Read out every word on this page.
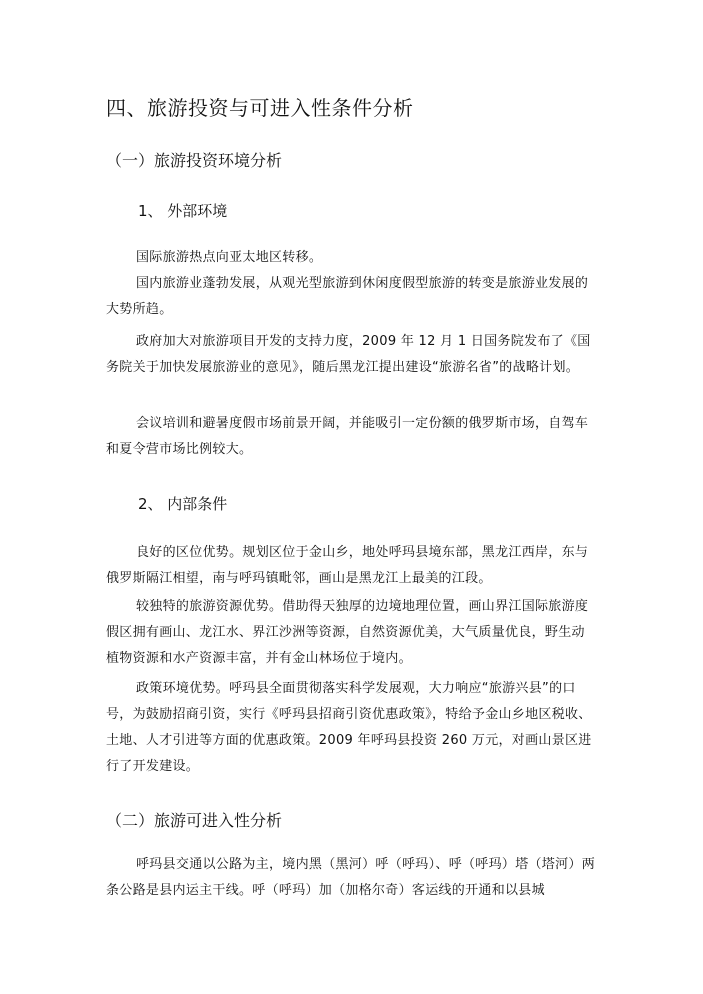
四、旅游投资与可进入性条件分析
（一）旅游投资环境分析
1、 外部环境
国际旅游热点向亚太地区转移。
国内旅游业蓬勃发展，从观光型旅游到休闲度假型旅游的转变是旅游业发展的大势所趋。
政府加大对旅游项目开发的支持力度，2009 年 12 月 1 日国务院发布了《国务院关于加快发展旅游业的意见》，随后黑龙江提出建设“旅游名省”的战略计划。
会议培训和避暑度假市场前景开阔，并能吸引一定份额的俄罗斯市场，自驾车和夏令营市场比例较大。
2、 内部条件
良好的区位优势。规划区位于金山乡，地处呼玛县境东部，黑龙江西岸，东与俄罗斯隔江相望，南与呼玛镇毗邻，画山是黑龙江上最美的江段。
较独特的旅游资源优势。借助得天独厚的边境地理位置，画山界江国际旅游度假区拥有画山、龙江水、界江沙洲等资源，自然资源优美，大气质量优良，野生动植物资源和水产资源丰富，并有金山林场位于境内。
政策环境优势。呼玛县全面贯彻落实科学发展观，大力响应“旅游兴县”的口号，为鼓励招商引资，实行《呼玛县招商引资优惠政策》，特给予金山乡地区税收、土地、人才引进等方面的优惠政策。2009 年呼玛县投资 260 万元，对画山景区进行了开发建设。
（二）旅游可进入性分析
呼玛县交通以公路为主，境内黑（黑河）呼（呼玛）、呼（呼玛）塔（塔河）两条公路是县内运主干线。呼（呼玛）加（加格尔奇）客运线的开通和以县城
